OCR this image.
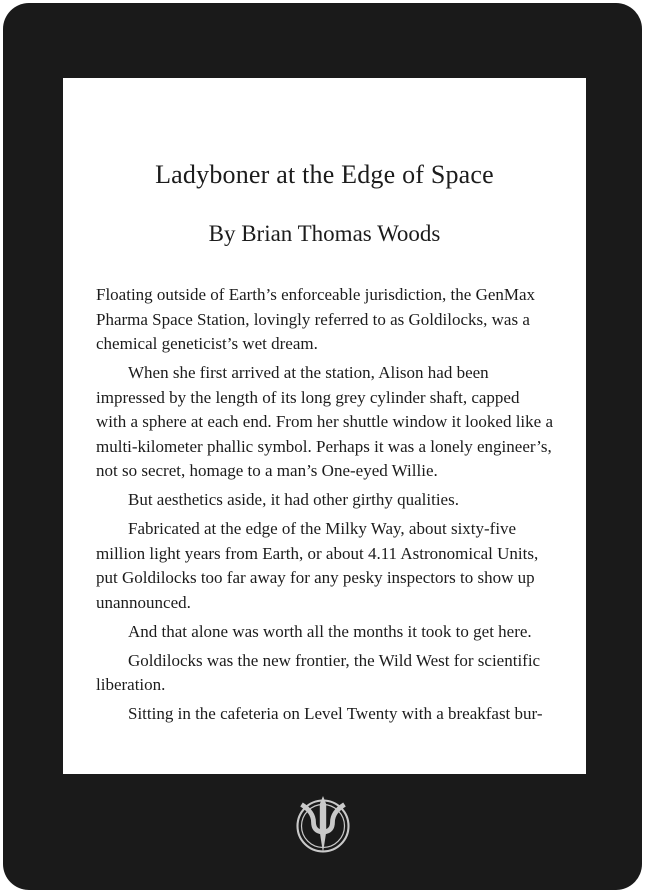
Ladyboner at the Edge of Space
By Brian Thomas Woods

Floating outside of Earth’s enforceable jurisdiction, the GenMax Pharma Space Station, lovingly referred to as Goldilocks, was a chemical geneticist’s wet dream.

When she first arrived at the station, Alison had been impressed by the length of its long grey cylinder shaft, capped with a sphere at each end. From her shuttle window it looked like a multi-kilometer phallic symbol. Perhaps it was a lonely engineer’s, not so secret, homage to a man’s One-eyed Willie.

But aesthetics aside, it had other girthy qualities.

Fabricated at the edge of the Milky Way, about sixty-five million light years from Earth, or about 4.11 Astronomical Units, put Goldilocks too far away for any pesky inspectors to show up unannounced.

And that alone was worth all the months it took to get here.

Goldilocks was the new frontier, the Wild West for scientific liberation.

Sitting in the cafeteria on Level Twenty with a breakfast bur-
